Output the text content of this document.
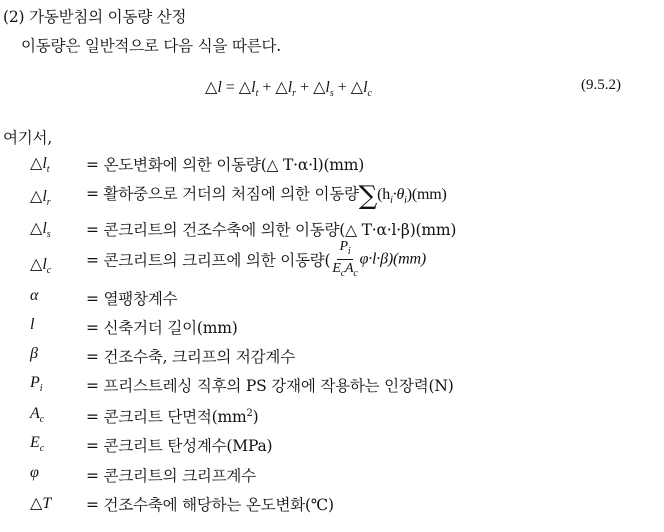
(2) 가동받침의 이동량 산정
이동량은 일반적으로 다음 식을 따른다.
△l = $\triangle l_t$ + $\triangle l_r$ + $\triangle l_s$ + $\triangle l_c$
(9.5.2)
여기서,
$\triangle l_t$ = 온도변화에 의한 이동량(△ T·α·l)(mm)
$\triangle l_r$ = 활하중으로 거더의 처짐에 의한 이동량$\sum(h_i\cdot\theta_i)(mm)$
$\triangle l_s$ = 콘크리트의 건조수축에 의한 이동량(△ T·α·l·β)(mm)
$\triangle l_c$
= 콘크리트의 크리프에 의한 이동량( $\frac{P_i}{E_cA_c} \varphi\cdot l\cdot\beta)(mm)$
α	= 열팽창계수
l	= 신축거더 길이(mm)
β	= 건조수축, 크리프의 저감계수
$P_i$	= 프리스트레싱 직후의 PS 강재에 작용하는 인장력(N)
$A_c$	= 콘크리트 단면적$(mm^2)$
$E_c$	= 콘크리트 탄성계수(MPa)
φ	= 콘크리트의 크리프계수
△T = 건조수축에 해당하는 온도변화(℃)
